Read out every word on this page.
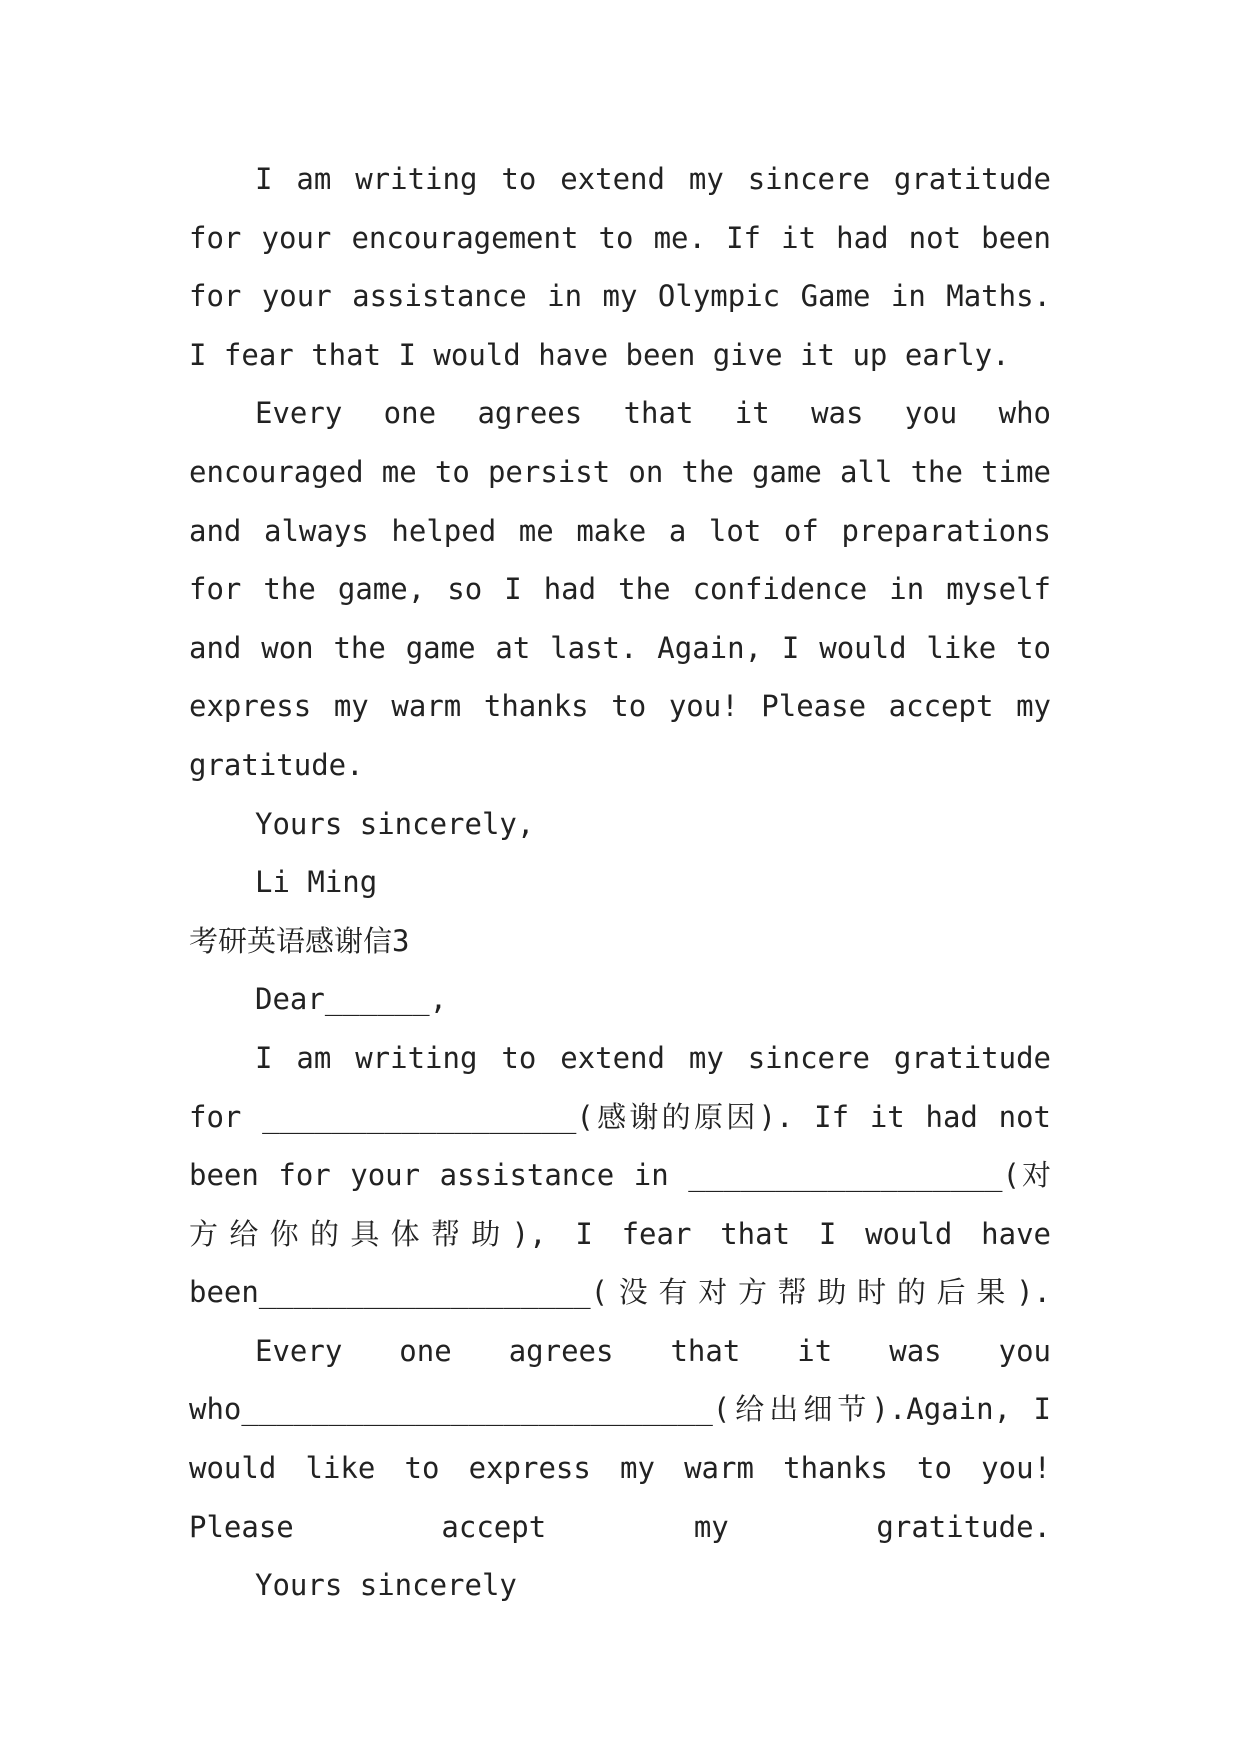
I am writing to extend my sincere gratitude for your encouragement to me. If it had not been for your assistance in my Olympic Game in Maths. I fear that I would have been give it up early.

Every one agrees that it was you who encouraged me to persist on the game all the time and always helped me make a lot of preparations for the game, so I had the confidence in myself and won the game at last. Again, I would like to express my warm thanks to you! Please accept my gratitude.

Yours sincerely,

Li Ming

考研英语感谢信3

Dear______,

I am writing to extend my sincere gratitude for __________________(感谢的原因). If it had not been for your assistance in __________________(对方给你的具体帮助), I fear that I would have been___________________(没有对方帮助时的后果).

Every one agrees that it was you who___________________________(给出细节).Again, I would like to express my warm thanks to you! Please accept my gratitude.

Yours sincerely
